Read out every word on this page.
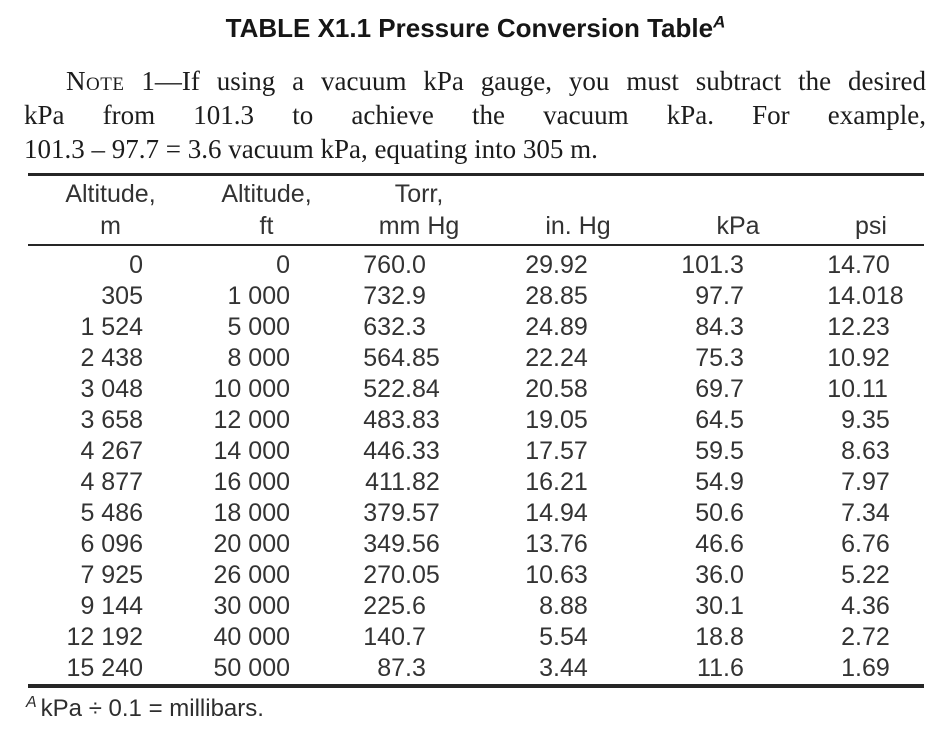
TABLE X1.1 Pressure Conversion Table$^A$
Note 1—If using a vacuum kPa gauge, you must subtract the desired
kPa from 101.3 to achieve the vacuum kPa. For example,
101.3 – 97.7 = 3.6 vacuum kPa, equating into 305 m.
Altitude,	Altitude,	Torr,			
m	ft	mm Hg	in. Hg	kPa	psi
0	0	760.0	29.92	101.3	14.70
305	1 000	732.9	28.85	97.7	14.018
1 524	5 000	632.3	24.89	84.3	12.23
2 438	8 000	564.85	22.24	75.3	10.92
3 048	10 000	522.84	20.58	69.7	10.11
3 658	12 000	483.83	19.05	64.5	9.35
4 267	14 000	446.33	17.57	59.5	8.63
4 877	16 000	411.82	16.21	54.9	7.97
5 486	18 000	379.57	14.94	50.6	7.34
6 096	20 000	349.56	13.76	46.6	6.76
7 925	26 000	270.05	10.63	36.0	5.22
9 144	30 000	225.6	8.88	30.1	4.36
12 192	40 000	140.7	5.54	18.8	2.72
15 240	50 000	87.3	3.44	11.6	1.69
$^A$ kPa ÷ 0.1 = millibars.
